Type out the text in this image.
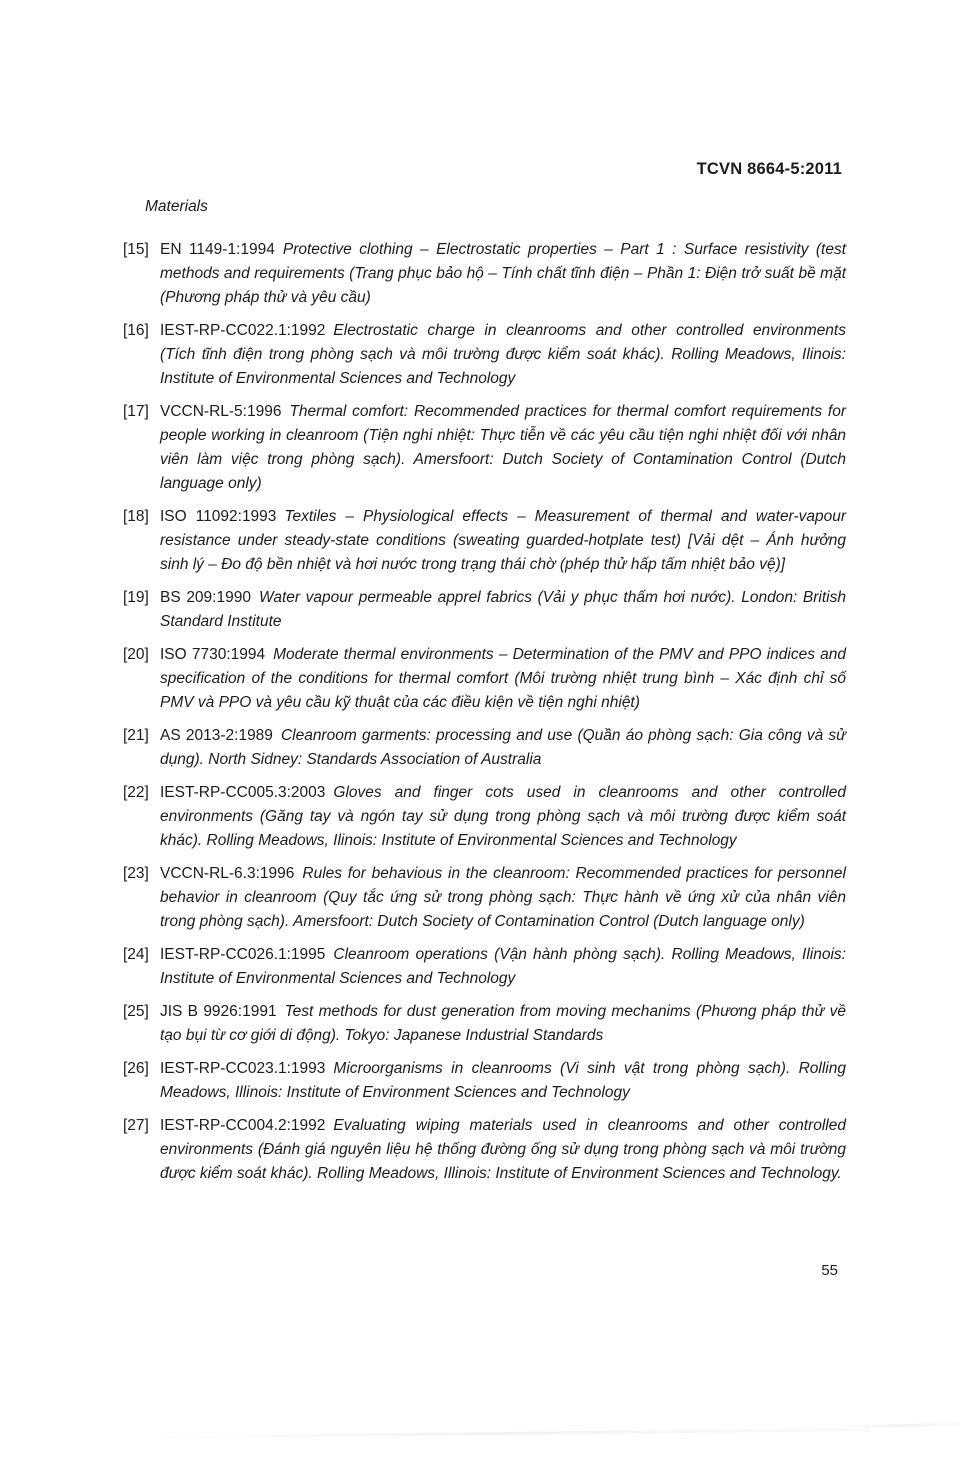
TCVN 8664-5:2011
Materials
[15] EN 1149-1:1994 Protective clothing – Electrostatic properties – Part 1 : Surface resistivity (test methods and requirements (Trang phục bảo hộ – Tính chất tĩnh điện – Phần 1: Điện trở suất bề mặt (Phương pháp thử và yêu cầu)
[16] IEST-RP-CC022.1:1992 Electrostatic charge in cleanrooms and other controlled environments (Tích tĩnh điện trong phòng sạch và môi trường được kiểm soát khác). Rolling Meadows, Ilinois: Institute of Environmental Sciences and Technology
[17] VCCN-RL-5:1996 Thermal comfort: Recommended practices for thermal comfort requirements for people working in cleanroom (Tiện nghi nhiệt: Thực tiễn về các yêu cầu tiện nghi nhiệt đối với nhân viên làm việc trong phòng sạch). Amersfoort: Dutch Society of Contamination Control (Dutch language only)
[18] ISO 11092:1993 Textiles – Physiological effects – Measurement of thermal and water-vapour resistance under steady-state conditions (sweating guarded-hotplate test) [Vải dệt – Ánh hưởng sinh lý – Đo độ bền nhiệt và hơi nước trong trạng thái chờ (phép thử hấp tấm nhiệt bảo vệ)]
[19] BS 209:1990 Water vapour permeable apprel fabrics (Vải y phục thấm hơi nước). London: British Standard Institute
[20] ISO 7730:1994 Moderate thermal environments – Determination of the PMV and PPO indices and specification of the conditions for thermal comfort (Môi trường nhiệt trung bình – Xác định chỉ số PMV và PPO và yêu cầu kỹ thuật của các điều kiện về tiện nghi nhiệt)
[21] AS 2013-2:1989 Cleanroom garments: processing and use (Quần áo phòng sạch: Gia công và sử dụng). North Sidney: Standards Association of Australia
[22] IEST-RP-CC005.3:2003 Gloves and finger cots used in cleanrooms and other controlled environments (Găng tay và ngón tay sử dụng trong phòng sạch và môi trường được kiểm soát khác). Rolling Meadows, Ilinois: Institute of Environmental Sciences and Technology
[23] VCCN-RL-6.3:1996 Rules for behavious in the cleanroom: Recommended practices for personnel behavior in cleanroom (Quy tắc ứng sử trong phòng sạch: Thực hành về ứng xử của nhân viên trong phòng sạch). Amersfoort: Dutch Society of Contamination Control (Dutch language only)
[24] IEST-RP-CC026.1:1995 Cleanroom operations (Vận hành phòng sạch). Rolling Meadows, Ilinois: Institute of Environmental Sciences and Technology
[25] JIS B 9926:1991 Test methods for dust generation from moving mechanims (Phương pháp thử về tạo bụi từ cơ giới di động). Tokyo: Japanese Industrial Standards
[26] IEST-RP-CC023.1:1993 Microorganisms in cleanrooms (Vi sinh vật trong phòng sạch). Rolling Meadows, Illinois: Institute of Environment Sciences and Technology
[27] IEST-RP-CC004.2:1992 Evaluating wiping materials used in cleanrooms and other controlled environments (Đánh giá nguyên liệu hệ thống đường ống sử dụng trong phòng sạch và môi trường được kiểm soát khác). Rolling Meadows, Illinois: Institute of Environment Sciences and Technology.
55
